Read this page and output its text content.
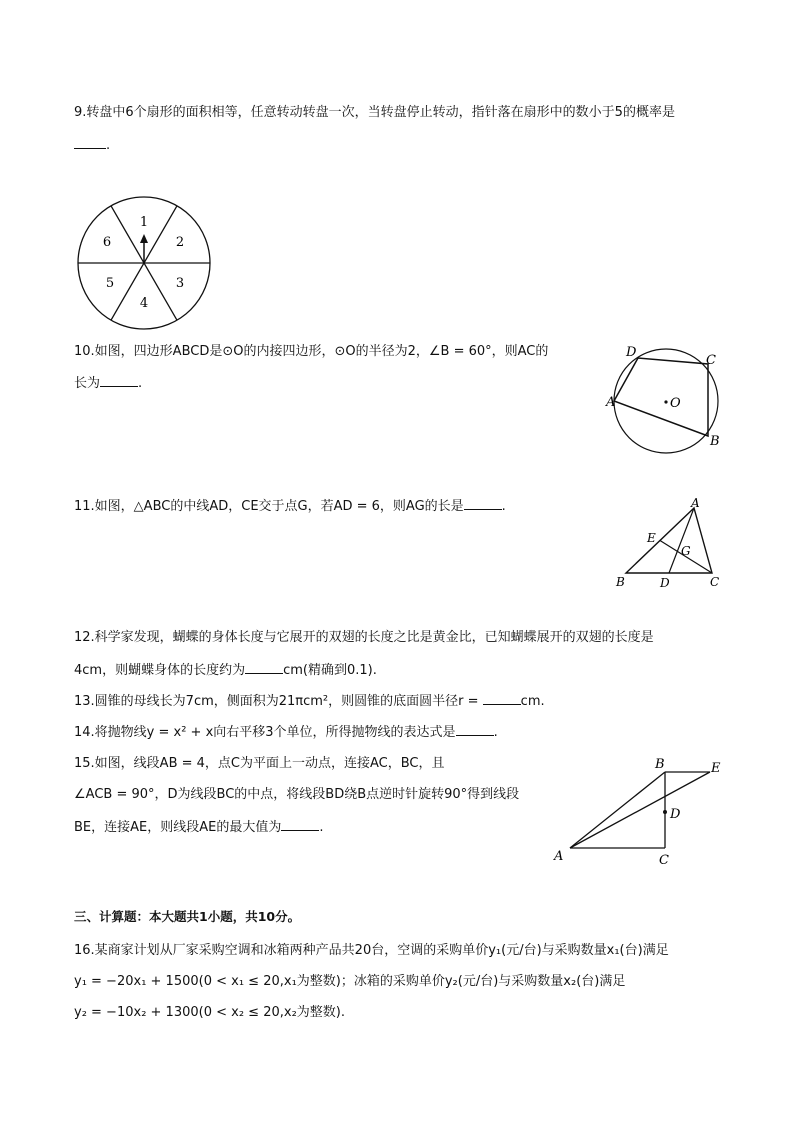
9.转盘中6个扇形的面积相等，任意转动转盘一次，当转盘停止转动，指针落在扇形中的数小于5的概率是
.
1
2
3
4
5
6
10.如图，四边形ABCD是⊙O的内接四边形，⊙O的半径为2，∠B = 60°，则AC的
长为	.
A
B
C
D
O
11.如图，△ABC的中线AD，CE交于点G，若AD = 6，则AG的长是	.	A
B	C
D
E
G
12.科学家发现，蝴蝶的身体长度与它展开的双翅的长度之比是黄金比，已知蝴蝶展开的双翅的长度是
4cm，则蝴蝶身体的长度约为	cm(精确到0.1).
13.圆锥的母线长为7cm，侧面积为21πcm²，则圆锥的底面圆半径r =	cm.
14.将抛物线y = x² + x向右平移3个单位，所得抛物线的表达式是	.
15.如图，线段AB = 4，点C为平面上一动点，连接AC，BC，且
∠ACB = 90°，D为线段BC的中点，将线段BD绕B点逆时针旋转90°得到线段
BE，连接AE，则线段AE的最大值为	.
A
B
C
D
E
三、计算题：本大题共1小题，共10分。
16.某商家计划从厂家采购空调和冰箱两种产品共20台，空调的采购单价y₁(元/台)与采购数量x₁(台)满足
y₁ = −20x₁ + 1500(0 < x₁ ≤ 20,x₁为整数)；冰箱的采购单价y₂(元/台)与采购数量x₂(台)满足
y₂ = −10x₂ + 1300(0 < x₂ ≤ 20,x₂为整数).
